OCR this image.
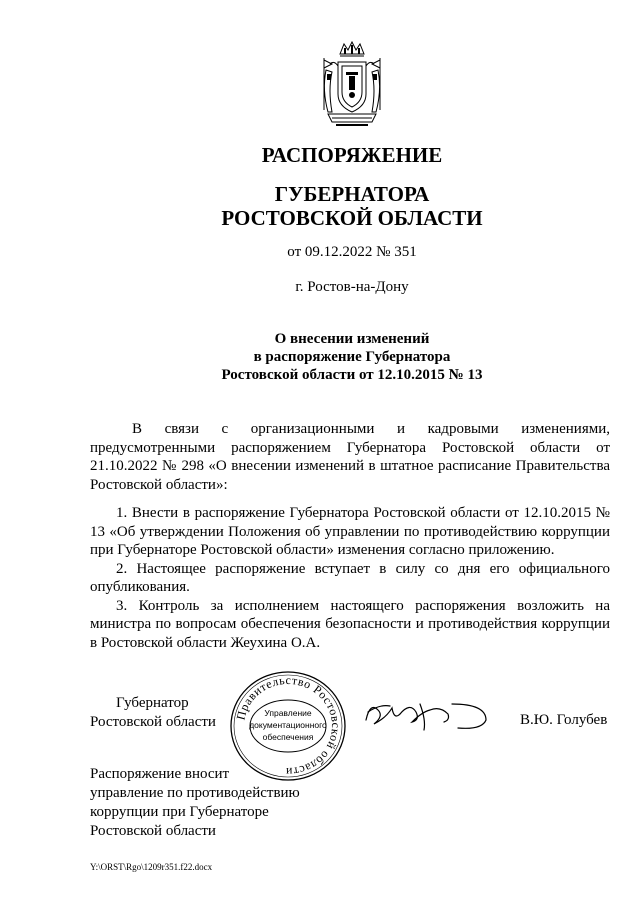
РАСПОРЯЖЕНИЕ
ГУБЕРНАТОРА
РОСТОВСКОЙ ОБЛАСТИ
от 09.12.2022 № 351
г. Ростов-на-Дону
О внесении изменений
в распоряжение Губернатора
Ростовской области от 12.10.2015 № 13

В связи с организационными и кадровыми изменениями, предусмотренными распоряжением Губернатора Ростовской области от 21.10.2022 № 298 «О внесении изменений в штатное расписание Правительства Ростовской области»:

1. Внести в распоряжение Губернатора Ростовской области от 12.10.2015 № 13 «Об утверждении Положения об управлении по противодействию коррупции при Губернаторе Ростовской области» изменения согласно приложению.

2. Настоящее распоряжение вступает в силу со дня его официального опубликования.

3. Контроль за исполнением настоящего распоряжения возложить на министра по вопросам обеспечения безопасности и противодействия коррупции в Ростовской области Жеухина О.А.

Губернатор
Ростовской области Правительство Ростовской области
Управление
документационного
обеспечения
В.Ю. Голубев
Распоряжение вносит
управление по противодействию
коррупции при Губернаторе
Ростовской области
Y:\ORST\Rgo\1209r351.f22.docx
